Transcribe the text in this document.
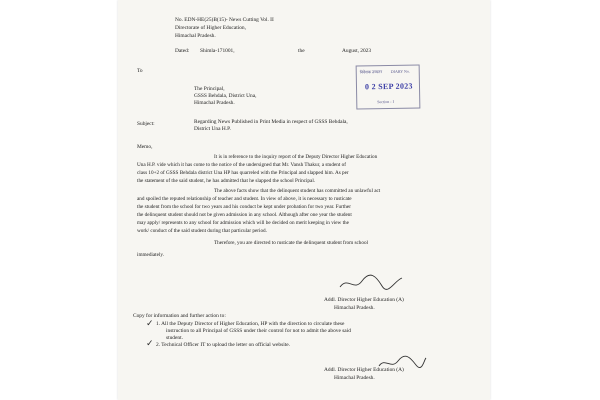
No. EDN-HE(25)B(15)- News Cutting Vol. II
Directorate of Higher Education,
Himachal Pradesh.
Dated: Shimla-171001,	the	August, 2023
To
The Principal,
GSSS Behdala, District Una,
Himachal Pradesh.
निदेशक उच्चतर DIARY No.
0 2 SEP 2023
Section - I
Subject:	Regarding News Published in Print Media in respect of GSSS Behdala,
District Una H.P.
Memo,
It is in reference to the inquiry report of the Deputy Director Higher Education
Una H.P. vide which it has come to the notice of the undersigned that Mr. Vansh Thakur, a student of
class 10+2 of GSSS Behdala district Una HP has quarreled with the Principal and slapped him. As per
the statement of the said student, he has admitted that he slapped the school Principal.
The above facts show that the delinquent student has committed an unlawful act
and spoiled the reputed relationship of teacher and student. In view of above, it is necessary to rusticate
the student from the school for two years and his conduct be kept under probation for two year. Further
the delinquent student should not be given admission in any school. Although after one year the student
may apply/ represents to any school for admission which will be decided on merit keeping in view the
work/ conduct of the said student during that particular period.
Therefore, you are directed to rusticate the delinquent student from school
immediately.
Addl. Director Higher Education (A)
Himachal Pradesh.
Copy for information and further action to:
✓ 1. All the Deputy Director of Higher Education, HP with the direction to circulate these
instruction to all Principal of GSSS under their control for not to admit the above said
student.
✓ 2. Technical Officer IT to upload the letter on official website.
Addl. Director Higher Education (A)
Himachal Pradesh.
